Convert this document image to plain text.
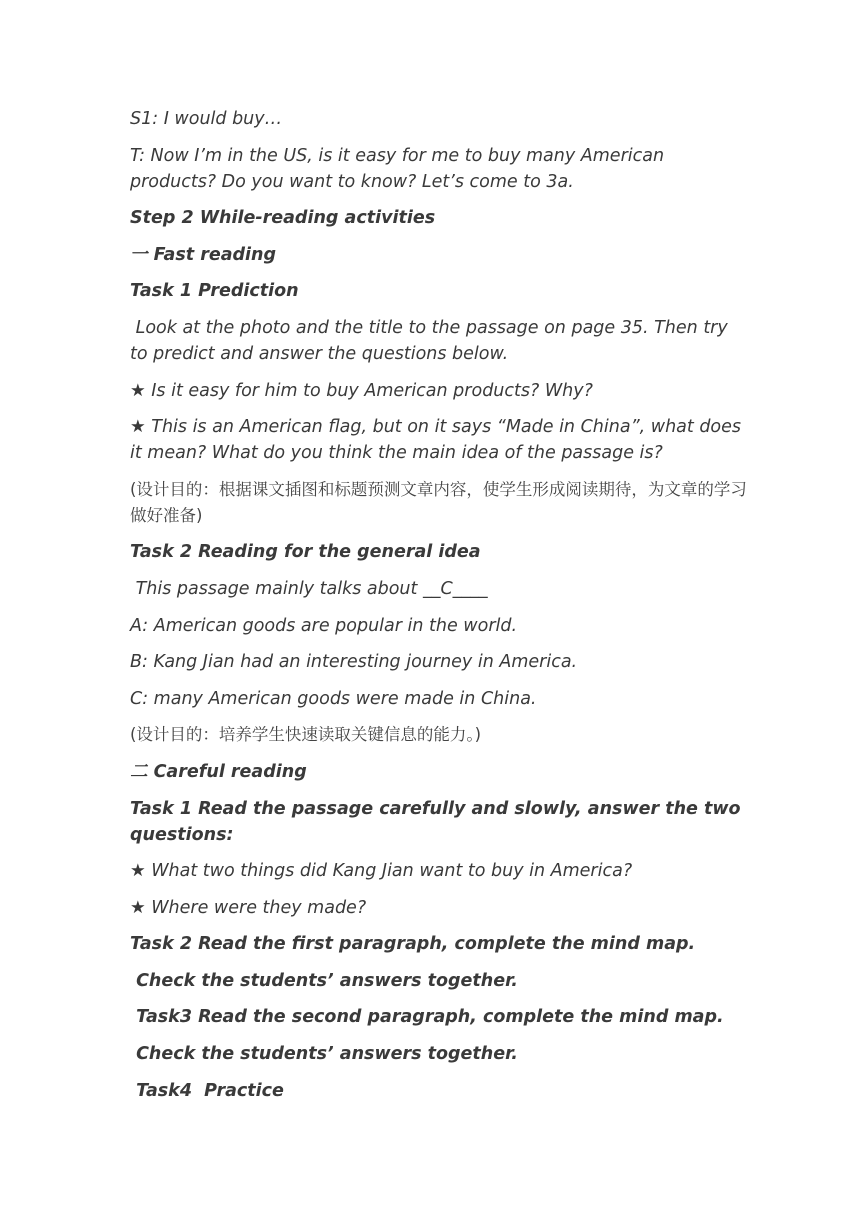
S1: I would buy…

T: Now I’m in the US, is it easy for me to buy many American products? Do you want to know? Let’s come to 3a.

Step 2 While-reading activities

一 Fast reading

Task 1 Prediction

Look at the photo and the title to the passage on page 35. Then try to predict and answer the questions below.

★ Is it easy for him to buy American products? Why?

★ This is an American flag, but on it says “Made in China”, what does it mean? What do you think the main idea of the passage is?

(设计目的：根据课文插图和标题预测文章内容，使学生形成阅读期待，为文章的学习做好准备)

Task 2 Reading for the general idea

This passage mainly talks about __C____

A: American goods are popular in the world.

B: Kang Jian had an interesting journey in America.

C: many American goods were made in China.

(设计目的：培养学生快速读取关键信息的能力。)

二 Careful reading

Task 1 Read the passage carefully and slowly, answer the two questions:

★ What two things did Kang Jian want to buy in America?

★ Where were they made?

Task 2 Read the first paragraph, complete the mind map.

Check the students’ answers together.

Task3 Read the second paragraph, complete the mind map.

Check the students’ answers together.

Task4  Practice
